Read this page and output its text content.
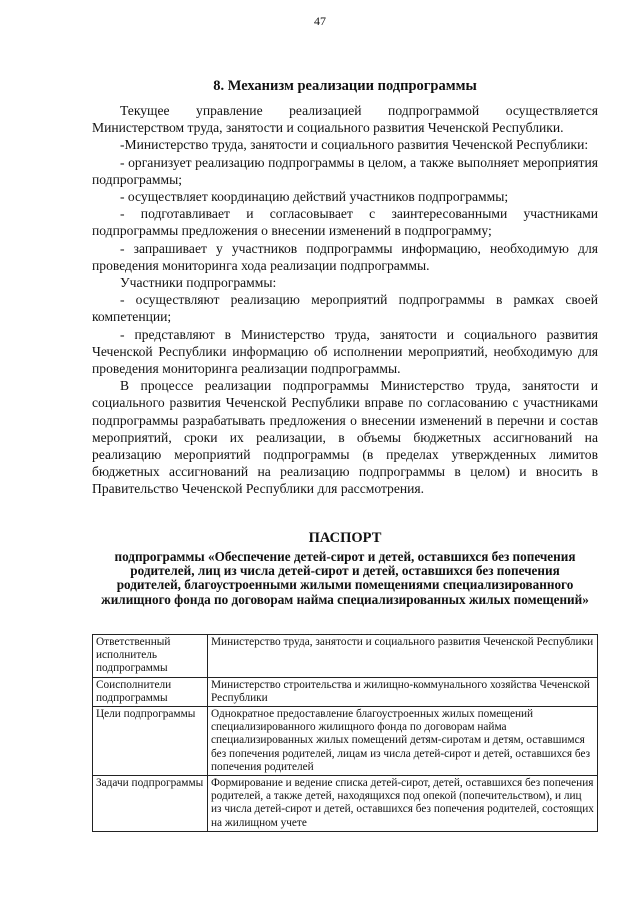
47
8. Механизм реализации подпрограммы

Текущее управление реализацией подпрограммой осуществляется Министерством труда, занятости и социального развития Чеченской Республики.

-Министерство труда, занятости и социального развития Чеченской Республики:

- организует реализацию подпрограммы в целом, а также выполняет мероприятия подпрограммы;

- осуществляет координацию действий участников подпрограммы;

- подготавливает и согласовывает с заинтересованными участниками подпрограммы предложения о внесении изменений в подпрограмму;

- запрашивает у участников подпрограммы информацию, необходимую для проведения мониторинга хода реализации подпрограммы.

Участники подпрограммы:

- осуществляют реализацию мероприятий подпрограммы в рамках своей компетенции;

- представляют в Министерство труда, занятости и социального развития Чеченской Республики информацию об исполнении мероприятий, необходимую для проведения мониторинга реализации подпрограммы.

В процессе реализации подпрограммы Министерство труда, занятости и социального развития Чеченской Республики вправе по согласованию с участниками подпрограммы разрабатывать предложения о внесении изменений в перечни и состав мероприятий, сроки их реализации, в объемы бюджетных ассигнований на реализацию мероприятий подпрограммы (в пределах утвержденных лимитов бюджетных ассигнований на реализацию подпрограммы в целом) и вносить в Правительство Чеченской Республики для рассмотрения.

ПАСПОРТ
подпрограммы «Обеспечение детей-сирот и детей, оставшихся без попечения родителей, лиц из числа детей-сирот и детей, оставшихся без попечения родителей, благоустроенными жилыми помещениями специализированного жилищного фонда по договорам найма специализированных жилых помещений»
Ответственный исполнитель подпрограммы	Министерство труда, занятости и социального развития Чеченской Республики
Соисполнители подпрограммы	Министерство строительства и жилищно-коммунального хозяйства Чеченской Республики
Цели подпрограммы	Однократное предоставление благоустроенных жилых помещений специализированного жилищного фонда по договорам найма специализированных жилых помещений детям-сиротам и детям, оставшимся без попечения родителей, лицам из числа детей-сирот и детей, оставшихся без попечения родителей
Задачи подпрограммы	Формирование и ведение списка детей-сирот, детей, оставшихся без попечения родителей, а также детей, находящихся под опекой (попечительством), и лиц из числа детей-сирот и детей, оставшихся без попечения родителей, состоящих на жилищном учете
